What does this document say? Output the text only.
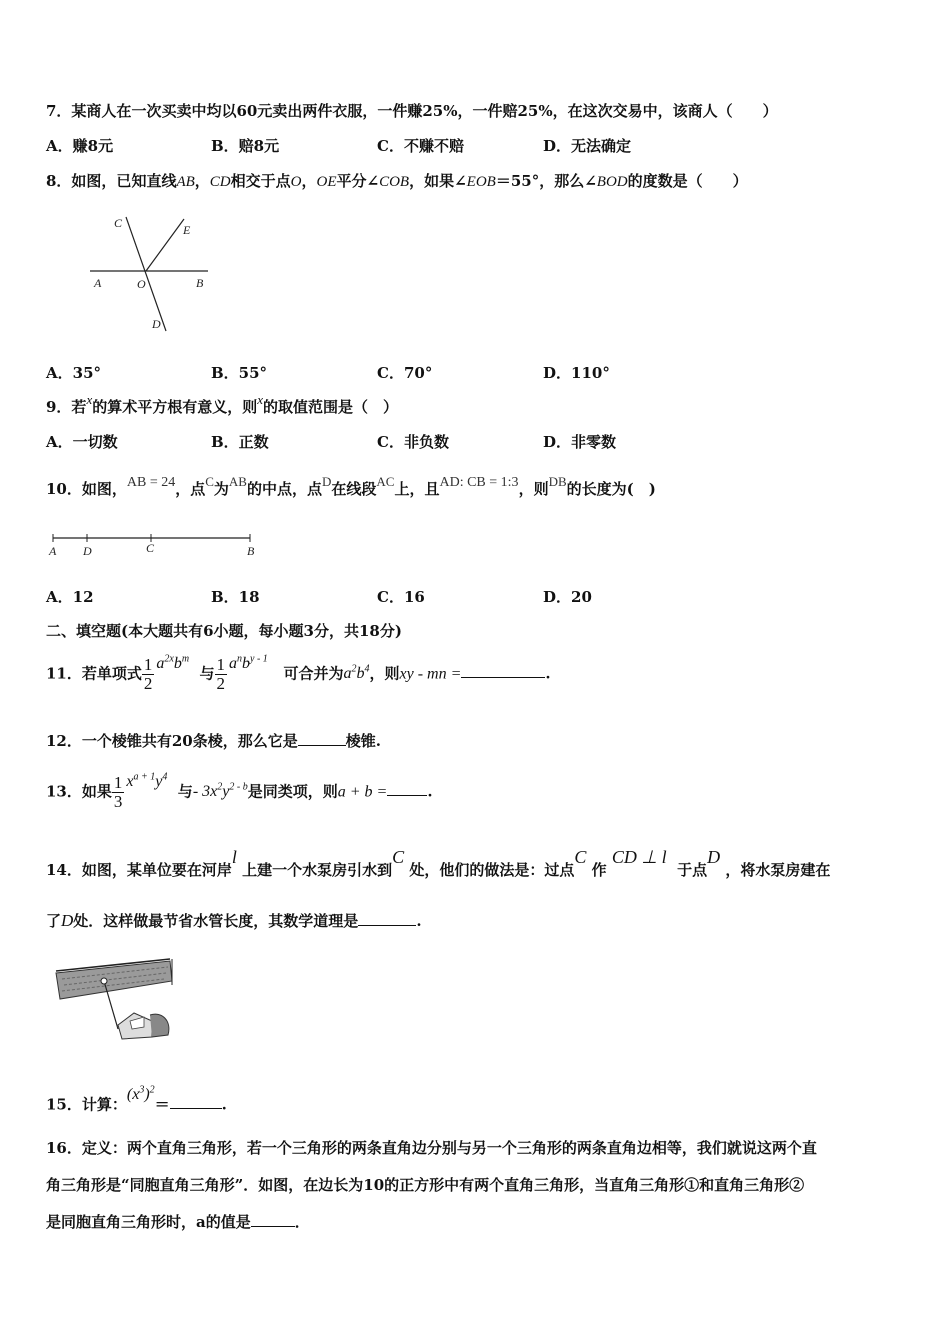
7．某商人在一次买卖中均以60元卖出两件衣服，一件赚25%，一件赔25%，在这次交易中，该商人（　　）
A．赚8元	B．赔8元	C．不赚不赔	D．无法确定
8．如图，已知直线AB，CD相交于点O，OE平分∠COB，如果∠EOB＝55°，那么∠BOD的度数是（　　）
C	E
A	O	B
D
A．35°	B．55°	C．70°	D．110°
9．若x的算术平方根有意义，则x的取值范围是（　）
A．一切数	B．正数	C．非负数	D．非零数
10．如图，AB = 24，点C为AB的中点，点D在线段AC上，且AD: CB = 1:3，则DB的长度为(　)
A D	C	B
A．12	B．18	C．16	D．20
二、填空题(本大题共有6小题，每小题3分，共18分)
11．若单项式 $\frac{1}{2} a^{2x}b^m$  与 $\frac{1}{2} a^nb^{y - 1}$   可合并为$a^2b^4$，则xy - mn =	.
12．一个棱锥共有20条棱，那么它是	棱锥.
13．如果 $\frac{1}{3} x^{a + 1}y^4$  与- $3x^2y^{2 - b}$是同类项，则a + b =	.
14．如图，某单位要在河岸l 上建一个水泵房引水到C 处，他们的做法是：过点C 作 CD ⊥ l  于点D ，将水泵房建在
了D处．这样做最节省水管长度，其数学道理是	.
15．计算：$(x^3)^2=$	.
16．定义：两个直角三角形，若一个三角形的两条直角边分别与另一个三角形的两条直角边相等，我们就说这两个直
角三角形是“同胞直角三角形”．如图，在边长为10的正方形中有两个直角三角形，当直角三角形①和直角三角形②
是同胞直角三角形时，a的值是	．
